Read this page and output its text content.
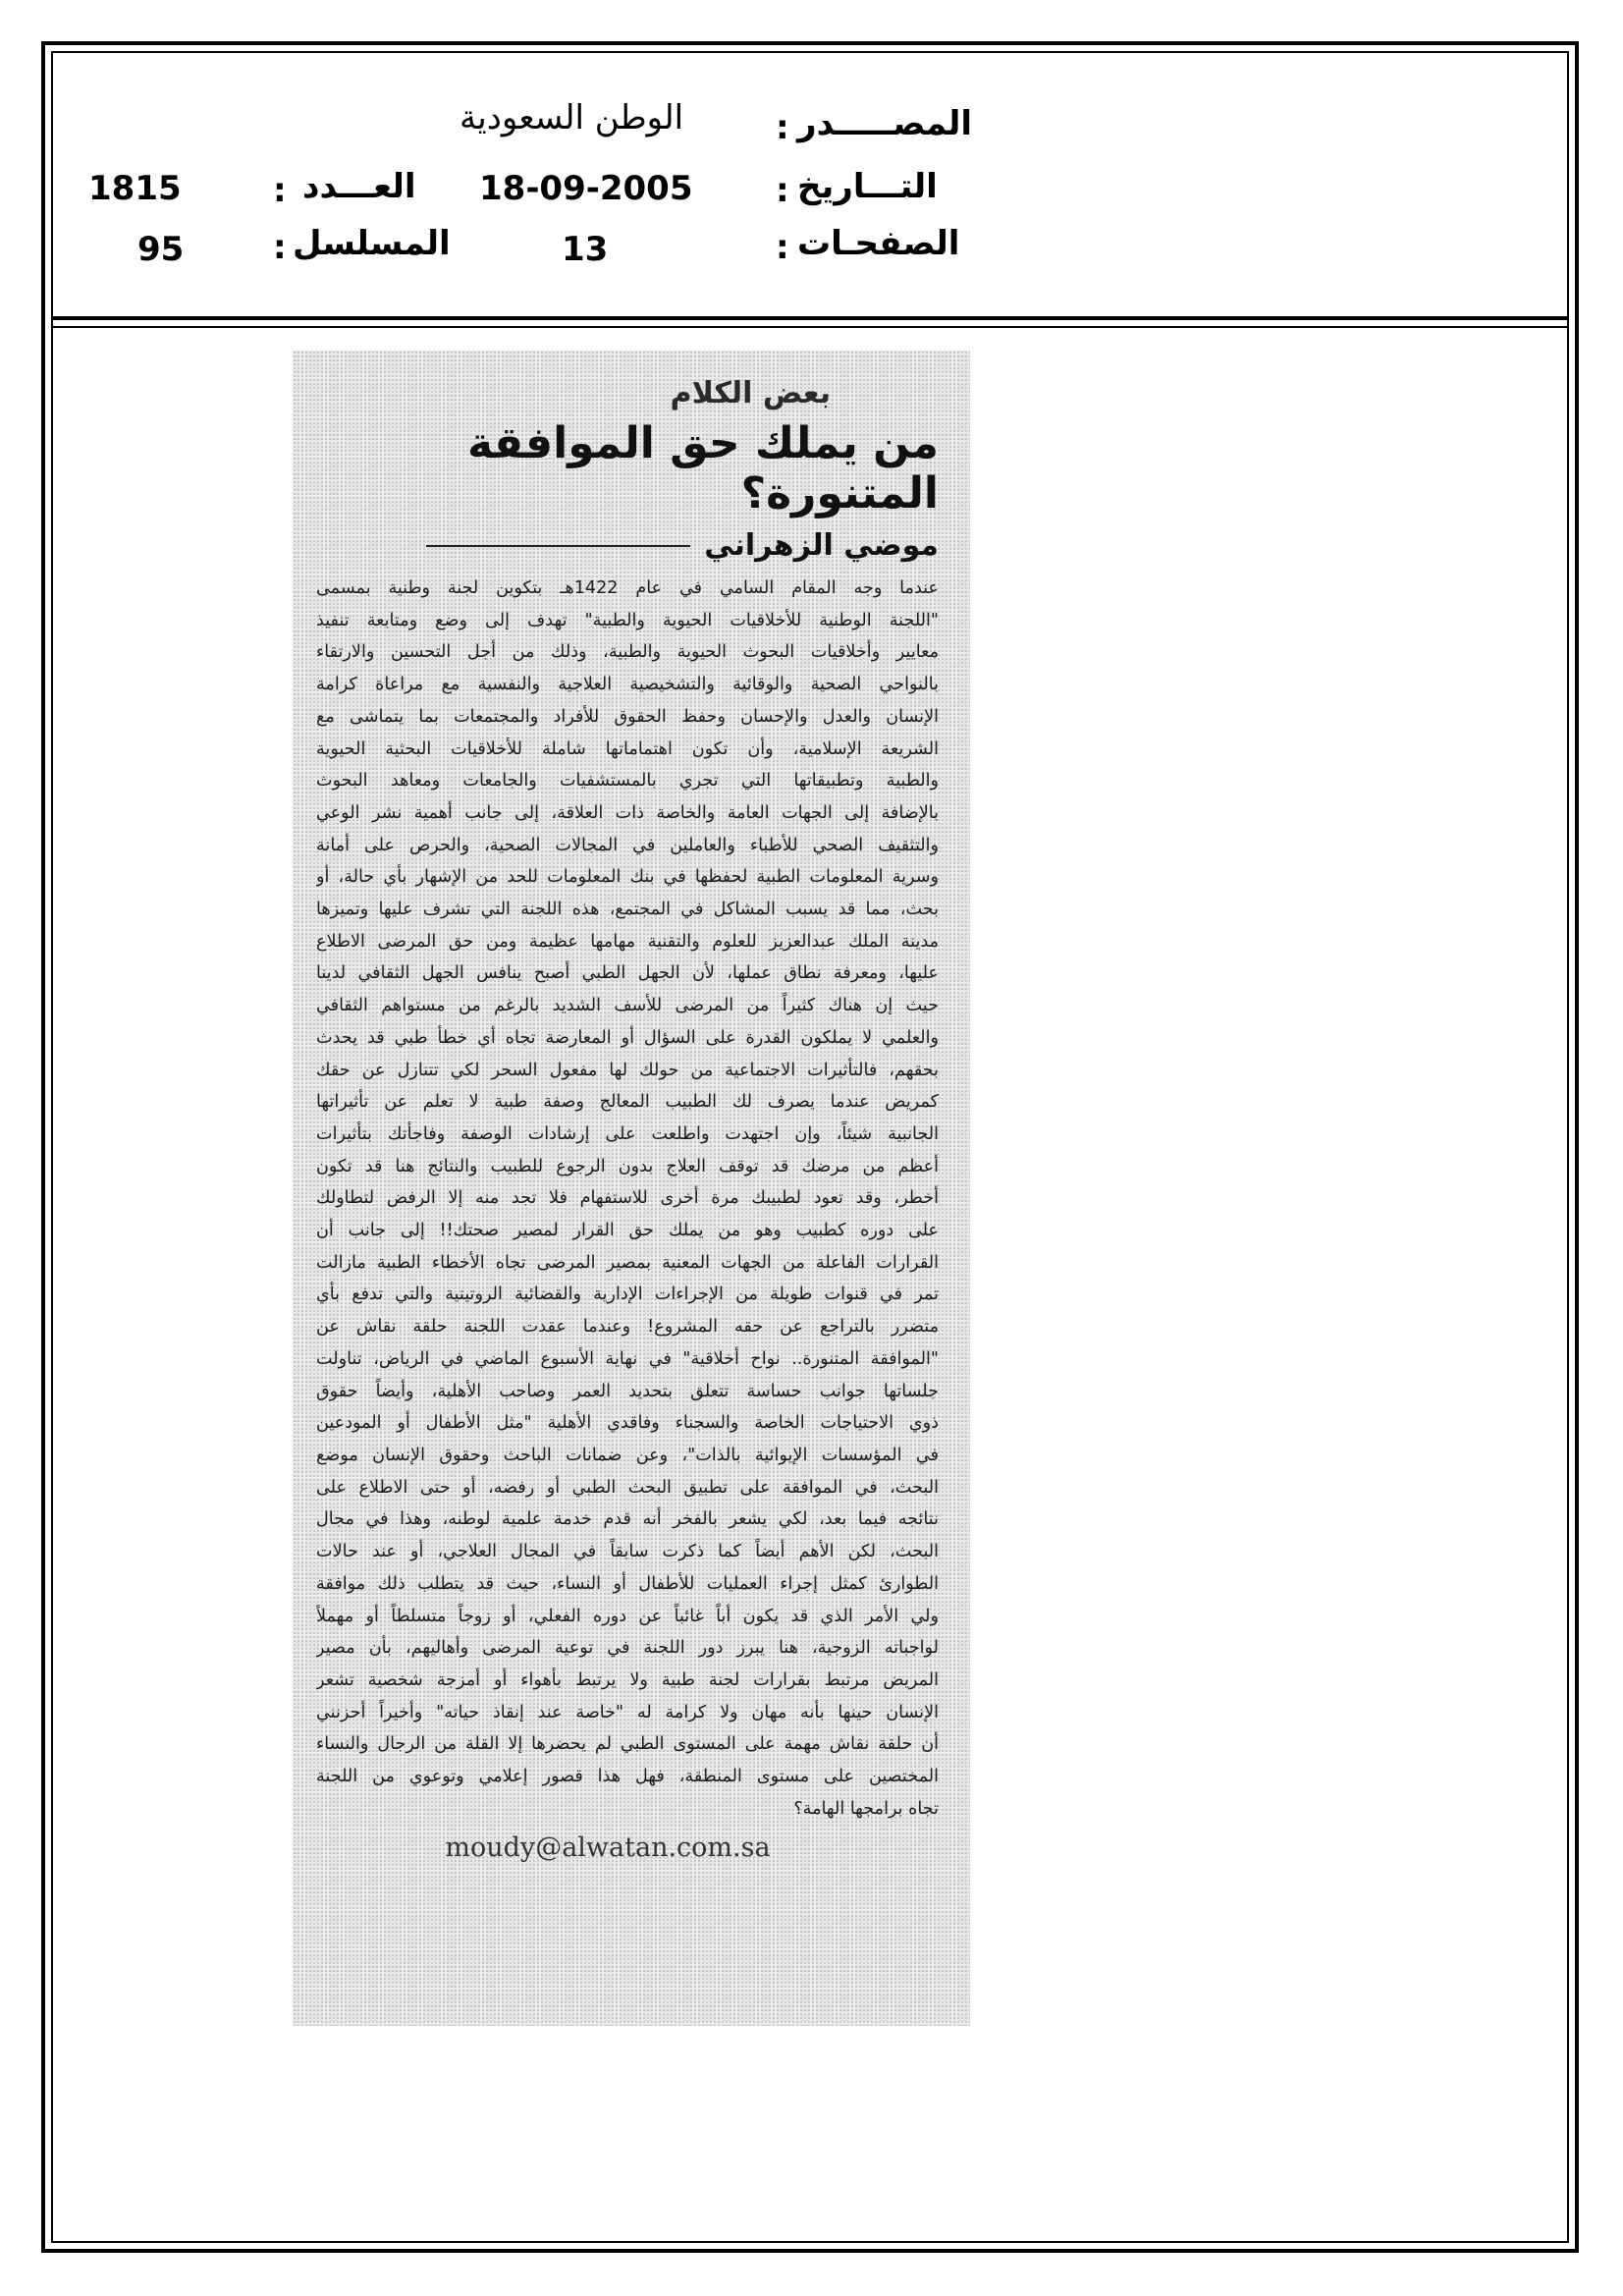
المصـــــدر
:
الوطن السعودية
التـــاريخ
:
18-09-2005
العـــدد
:
1815
الصفحـات
:
13
المسلسل
:
95
بعض الكلام
من يملك حق الموافقة المتنورة؟
موضي الزهراني
عندما وجه المقام السامي في عام 1422هـ بتكوين لجنة وطنية بمسمى
"اللجنة الوطنية للأخلاقيات الحيوية والطبية" تهدف إلى وضع ومتابعة تنفيذ
معايير وأخلاقيات البحوث الحيوية والطبية، وذلك من أجل التحسين والارتقاء
بالنواحي الصحية والوقائية والتشخيصية العلاجية والنفسية مع مراعاة كرامة
الإنسان والعدل والإحسان وحفظ الحقوق للأفراد والمجتمعات بما يتماشى مع
الشريعة الإسلامية، وأن تكون اهتماماتها شاملة للأخلاقيات البحثية الحيوية
والطبية وتطبيقاتها التي تجري بالمستشفيات والجامعات ومعاهد البحوث
بالإضافة إلى الجهات العامة والخاصة ذات العلاقة، إلى جانب أهمية نشر الوعي
والتثقيف الصحي للأطباء والعاملين في المجالات الصحية، والحرص على أمانة
وسرية المعلومات الطبية لحفظها في بنك المعلومات للحد من الإشهار بأي حالة، أو
بحث، مما قد يسبب المشاكل في المجتمع، هذه اللجنة التي تشرف عليها وتميزها
مدينة الملك عبدالعزيز للعلوم والتقنية مهامها عظيمة ومن حق المرضى الاطلاع
عليها، ومعرفة نطاق عملها، لأن الجهل الطبي أصبح ينافس الجهل الثقافي لدينا
حيث إن هناك كثيراً من المرضى للأسف الشديد بالرغم من مستواهم الثقافي
والعلمي لا يملكون القدرة على السؤال أو المعارضة تجاه أي خطأ طبي قد يحدث
بحقهم، فالتأثيرات الاجتماعية من حولك لها مفعول السحر لكي تتنازل عن حقك
كمريض عندما يصرف لك الطبيب المعالج وصفة طبية لا تعلم عن تأثيراتها
الجانبية شيئاً، وإن اجتهدت واطلعت على إرشادات الوصفة وفاجأتك بتأثيرات
أعظم من مرضك قد توقف العلاج بدون الرجوع للطبيب والنتائج هنا قد تكون
أخطر، وقد تعود لطبيبك مرة أخرى للاستفهام فلا تجد منه إلا الرفض لتطاولك
على دوره كطبيب وهو من يملك حق القرار لمصير صحتك!! إلى جانب أن
القرارات الفاعلة من الجهات المعنية بمصير المرضى تجاه الأخطاء الطبية مازالت
تمر في قنوات طويلة من الإجراءات الإدارية والقضائية الروتينية والتي تدفع بأي
متضرر بالتراجع عن حقه المشروع! وعندما عقدت اللجنة حلقة نقاش عن
"الموافقة المتنورة.. نواح أخلاقية" في نهاية الأسبوع الماضي في الرياض، تناولت
جلساتها جوانب حساسة تتعلق بتحديد العمر وصاحب الأهلية، وأيضاً حقوق
ذوي الاحتياجات الخاصة والسجناء وفاقدي الأهلية "مثل الأطفال أو المودعين
في المؤسسات الإيوائية بالذات"، وعن ضمانات الباحث وحقوق الإنسان موضع
البحث، في الموافقة على تطبيق البحث الطبي أو رفضه، أو حتى الاطلاع على
نتائجه فيما بعد، لكي يشعر بالفخر أنه قدم خدمة علمية لوطنه، وهذا في مجال
البحث، لكن الأهم أيضاً كما ذكرت سابقاً في المجال العلاجي، أو عند حالات
الطوارئ كمثل إجراء العمليات للأطفال أو النساء، حيث قد يتطلب ذلك موافقة
ولي الأمر الذي قد يكون أباً غائباً عن دوره الفعلي، أو زوجاً متسلطاً أو مهملاً
لواجباته الزوجية، هنا يبرز دور اللجنة في توعية المرضى وأهاليهم، بأن مصير
المريض مرتبط بقرارات لجنة طبية ولا يرتبط بأهواء أو أمزجة شخصية تشعر
الإنسان حينها بأنه مهان ولا كرامة له "خاصة عند إنقاذ حياته" وأخيراً أحزنني
أن حلقة نقاش مهمة على المستوى الطبي لم يحضرها إلا القلة من الرجال والنساء
المختصين على مستوى المنطقة، فهل هذا قصور إعلامي وتوعوي من اللجنة
تجاه برامجها الهامة؟
moudy@alwatan.com.sa
